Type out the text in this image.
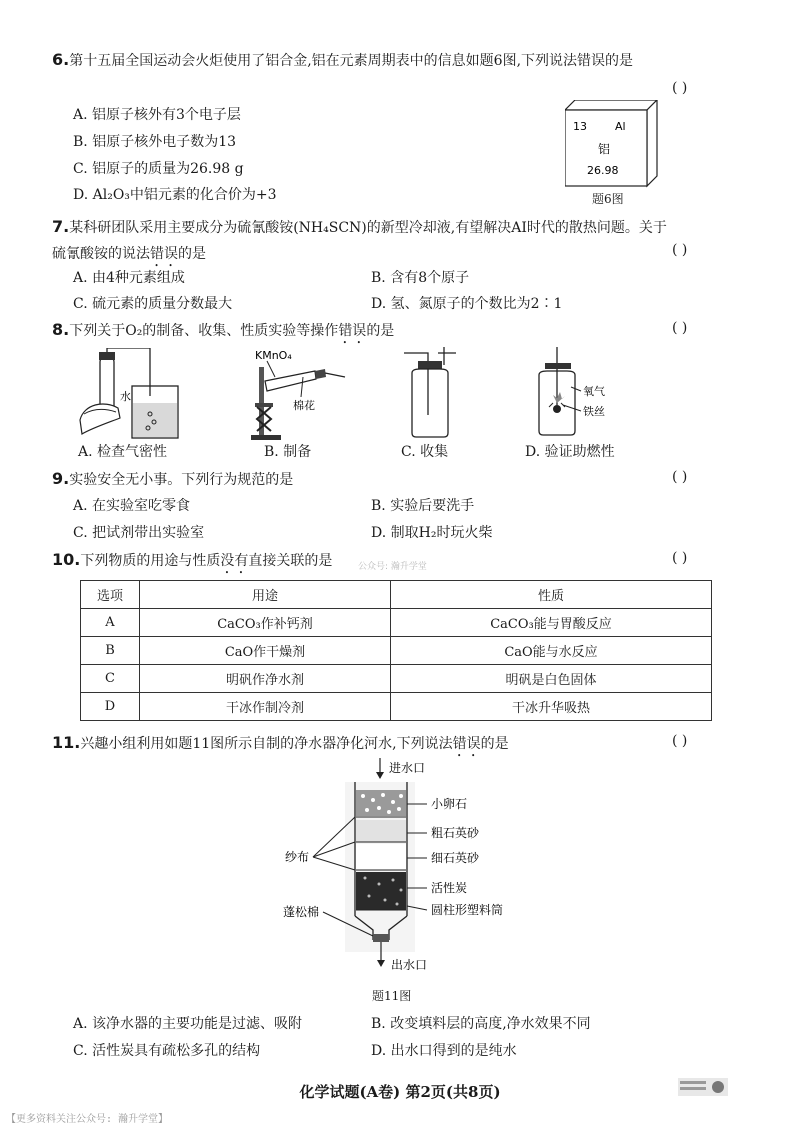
6.第十五届全国运动会火炬使用了铝合金,铝在元素周期表中的信息如题6图,下列说法错误的是
( )
A. 铝原子核外有3个电子层
B. 铝原子核外电子数为13
C. 铝原子的质量为26.98 g
D. Al₂O₃中铝元素的化合价为+3
13	Al
铝
26.98
题6图
7.某科研团队采用主要成分为硫氰酸铵(NH₄SCN)的新型冷却液,有望解决AI时代的散热问题。关于
硫氰酸铵的说法错误的是	( )
A. 由4种元素组成	B. 含有8个原子
C. 硫元素的质量分数最大	D. 氢、氮原子的个数比为2∶1
8.下列关于O₂的制备、收集、性质实验等操作错误的是	( )
水
KMnO₄
棉花
氧气
铁丝
A. 检查气密性	B. 制备	C. 收集	D. 验证助燃性
9.实验安全无小事。下列行为规范的是	( )
A. 在实验室吃零食	B. 实验后要洗手
C. 把试剂带出实验室	D. 制取H₂时玩火柴
10.下列物质的用途与性质没有直接关联的是	公众号: 瀚升学堂
( )
选项	用途	性质
A	CaCO₃作补钙剂	CaCO₃能与胃酸反应
B	CaO作干燥剂	CaO能与水反应
C	明矾作净水剂	明矾是白色固体
D	干冰作制冷剂	干冰升华吸热
11.兴趣小组利用如题11图所示自制的净水器净化河水,下列说法错误的是	( )
进水口
出水口
小卵石
粗石英砂
细石英砂
活性炭
圆柱形塑料筒
纱布
蓬松棉
题11图
A. 该净水器的主要功能是过滤、吸附	B. 改变填料层的高度,净水效果不同
C. 活性炭具有疏松多孔的结构	D. 出水口得到的是纯水
化学试题(A卷) 第2页(共8页)
【更多资料关注公众号: 瀚升学堂】
